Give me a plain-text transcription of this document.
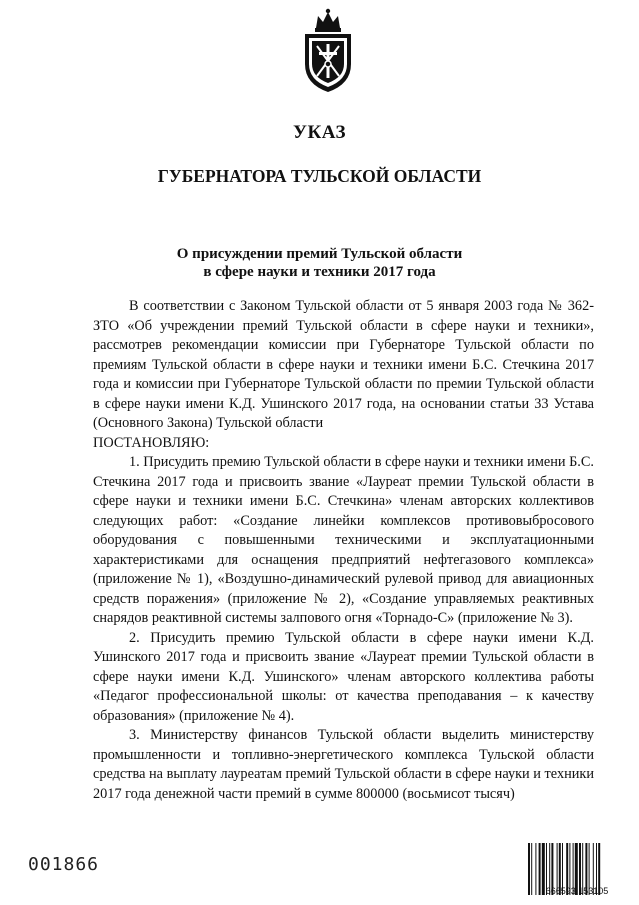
УКАЗ
ГУБЕРНАТОРА ТУЛЬСКОЙ ОБЛАСТИ
О присуждении премий Тульской области
в сфере науки и техники 2017 года

В соответствии с Законом Тульской области от 5 января 2003 года № 362-ЗТО «Об учреждении премий Тульской области в сфере науки и техники», рассмотрев рекомендации комиссии при Губернаторе Тульской области по премиям Тульской области в сфере науки и техники имени Б.С. Стечкина 2017 года и комиссии при Губернаторе Тульской области по премии Тульской области в сфере науки имени К.Д. Ушинского 2017 года, на основании статьи 33 Устава (Основного Закона) Тульской области

ПОСТАНОВЛЯЮ:

1. Присудить премию Тульской области в сфере науки и техники имени Б.С. Стечкина 2017 года и присвоить звание «Лауреат премии Тульской области в сфере науки и техники имени Б.С. Стечкина» членам авторских коллективов следующих работ: «Создание линейки комплексов противовыбросового оборудования с повышенными техническими и эксплуатационными характеристиками для оснащения предприятий нефтегазового комплекса» (приложение № 1), «Воздушно-динамический рулевой привод для авиационных средств поражения» (приложение № 2), «Создание управляемых реактивных снарядов реактивной системы залпового огня «Торнадо-С» (приложение № 3).

2. Присудить премию Тульской области в сфере науки имени К.Д. Ушинского 2017 года и присвоить звание «Лауреат премии Тульской области в сфере науки имени К.Д. Ушинского» членам авторского коллектива работы «Педагог профессиональной школы: от качества преподавания – к качеству образования» (приложение № 4).

3. Министерству финансов Тульской области выделить министерству промышленности и топливно-энергетического комплекса Тульской области средства на выплату лауреатам премий Тульской области в сфере науки и техники 2017 года денежной части премий в сумме 800000 (восьмисот тысяч)

001866
666593 153105
